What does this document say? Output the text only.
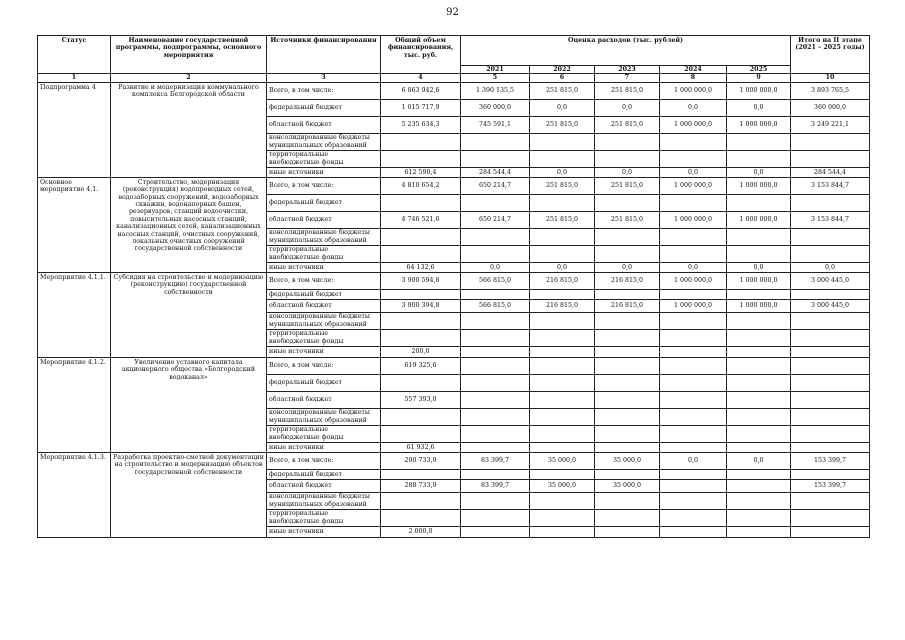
92
Статус	Наименование государственной программы, подпрограммы, основного мероприятия	Источники финансирования	Общий объем финансирования, тыс. руб.	Оценка расходов (тыс. рублей)					Итого на II этапе (2021 – 2025 годы)
				2021	2022	2023	2024	2025	
1	2	3	4	5	6	7	8	9	10
Подпрограмма 4	Развитие и модернизация коммунального комплекса Белгородской области	Всего, в том числе:	6 863 942,6	1 390 135,5	251 815,0	251 815,0	1 000 000,0	1 000 000,0	3 893 765,5
		федеральный бюджет	1 015 717,9	360 000,0	0,0	0,0	0,0	0,0	360 000,0
		областной бюджет	5 235 634,3	745 591,1	251 815,0	251 815,0	1 000 000,0	1 000 000,0	3 249 221,1
		консолидированные бюджеты муниципальных образований							
		территориальные внебюджетные фонды							
		иные источники	612 590,4	284 544,4	0,0	0,0	0,0	0,0	284 544,4
Основное мероприятие 4.1.	Строительство, модернизация (реконструкция) водопроводных сетей, водозаборных сооружений, водозаборных скважин, водонапорных башен, резервуаров, станций водоочистки, повысительных насосных станций, канализационных сетей, канализационных насосных станций, очистных сооружений, локальных очистных сооружений государственной собственности	Всего, в том числе:	4 810 654,2	650 214,7	251 815,0	251 815,0	1 000 000,0	1 000 000,0	3 153 844,7
		федеральный бюджет							
		областной бюджет	4 746 521,6	650 214,7	251 815,0	251 815,0	1 000 000,0	1 000 000,0	3 153 844,7
		консолидированные бюджеты муниципальных образований							
		территориальные внебюджетные фонды							
		иные источники	64 132,6	0,0	0,0	0,0	0,0	0,0	0,0
Мероприятие 4.1.1.	Субсидия на строительство и модернизацию (реконструкцию) государственной собственности	Всего, в том числе:	3 900 594,8	566 815,0	216 815,0	216 815,0	1 000 000,0	1 000 000,0	3 000 445,0
		федеральный бюджет							
		областной бюджет	3 900 394,8	566 815,0	216 815,0	216 815,0	1 000 000,0	1 000 000,0	3 000 445,0
		консолидированные бюджеты муниципальных образований							
		территориальные внебюджетные фонды							
		иные источники	200,0						
Мероприятие 4.1.2.	Увеличение уставного капитала акционерного общества «Белгородский водоканал»	Всего, в том числе:	619 325,6						
		федеральный бюджет							
		областной бюджет	557 393,0						
		консолидированные бюджеты муниципальных образований							
		территориальные внебюджетные фонды							
		иные источники	61 932,6						
Мероприятие 4.1.3.	Разработка проектно-сметной документации на строительство и модернизацию объектов государственной собственности	Всего, в том числе:	290 733,9	83 399,7	35 000,0	35 000,0	0,0	0,0	153 399,7
		федеральный бюджет							
		областной бюджет	288 733,9	83 399,7	35 000,0	35 000,0			153 399,7
		консолидированные бюджеты муниципальных образований							
		территориальные внебюджетные фонды							
		иные источники	2 000,0						
